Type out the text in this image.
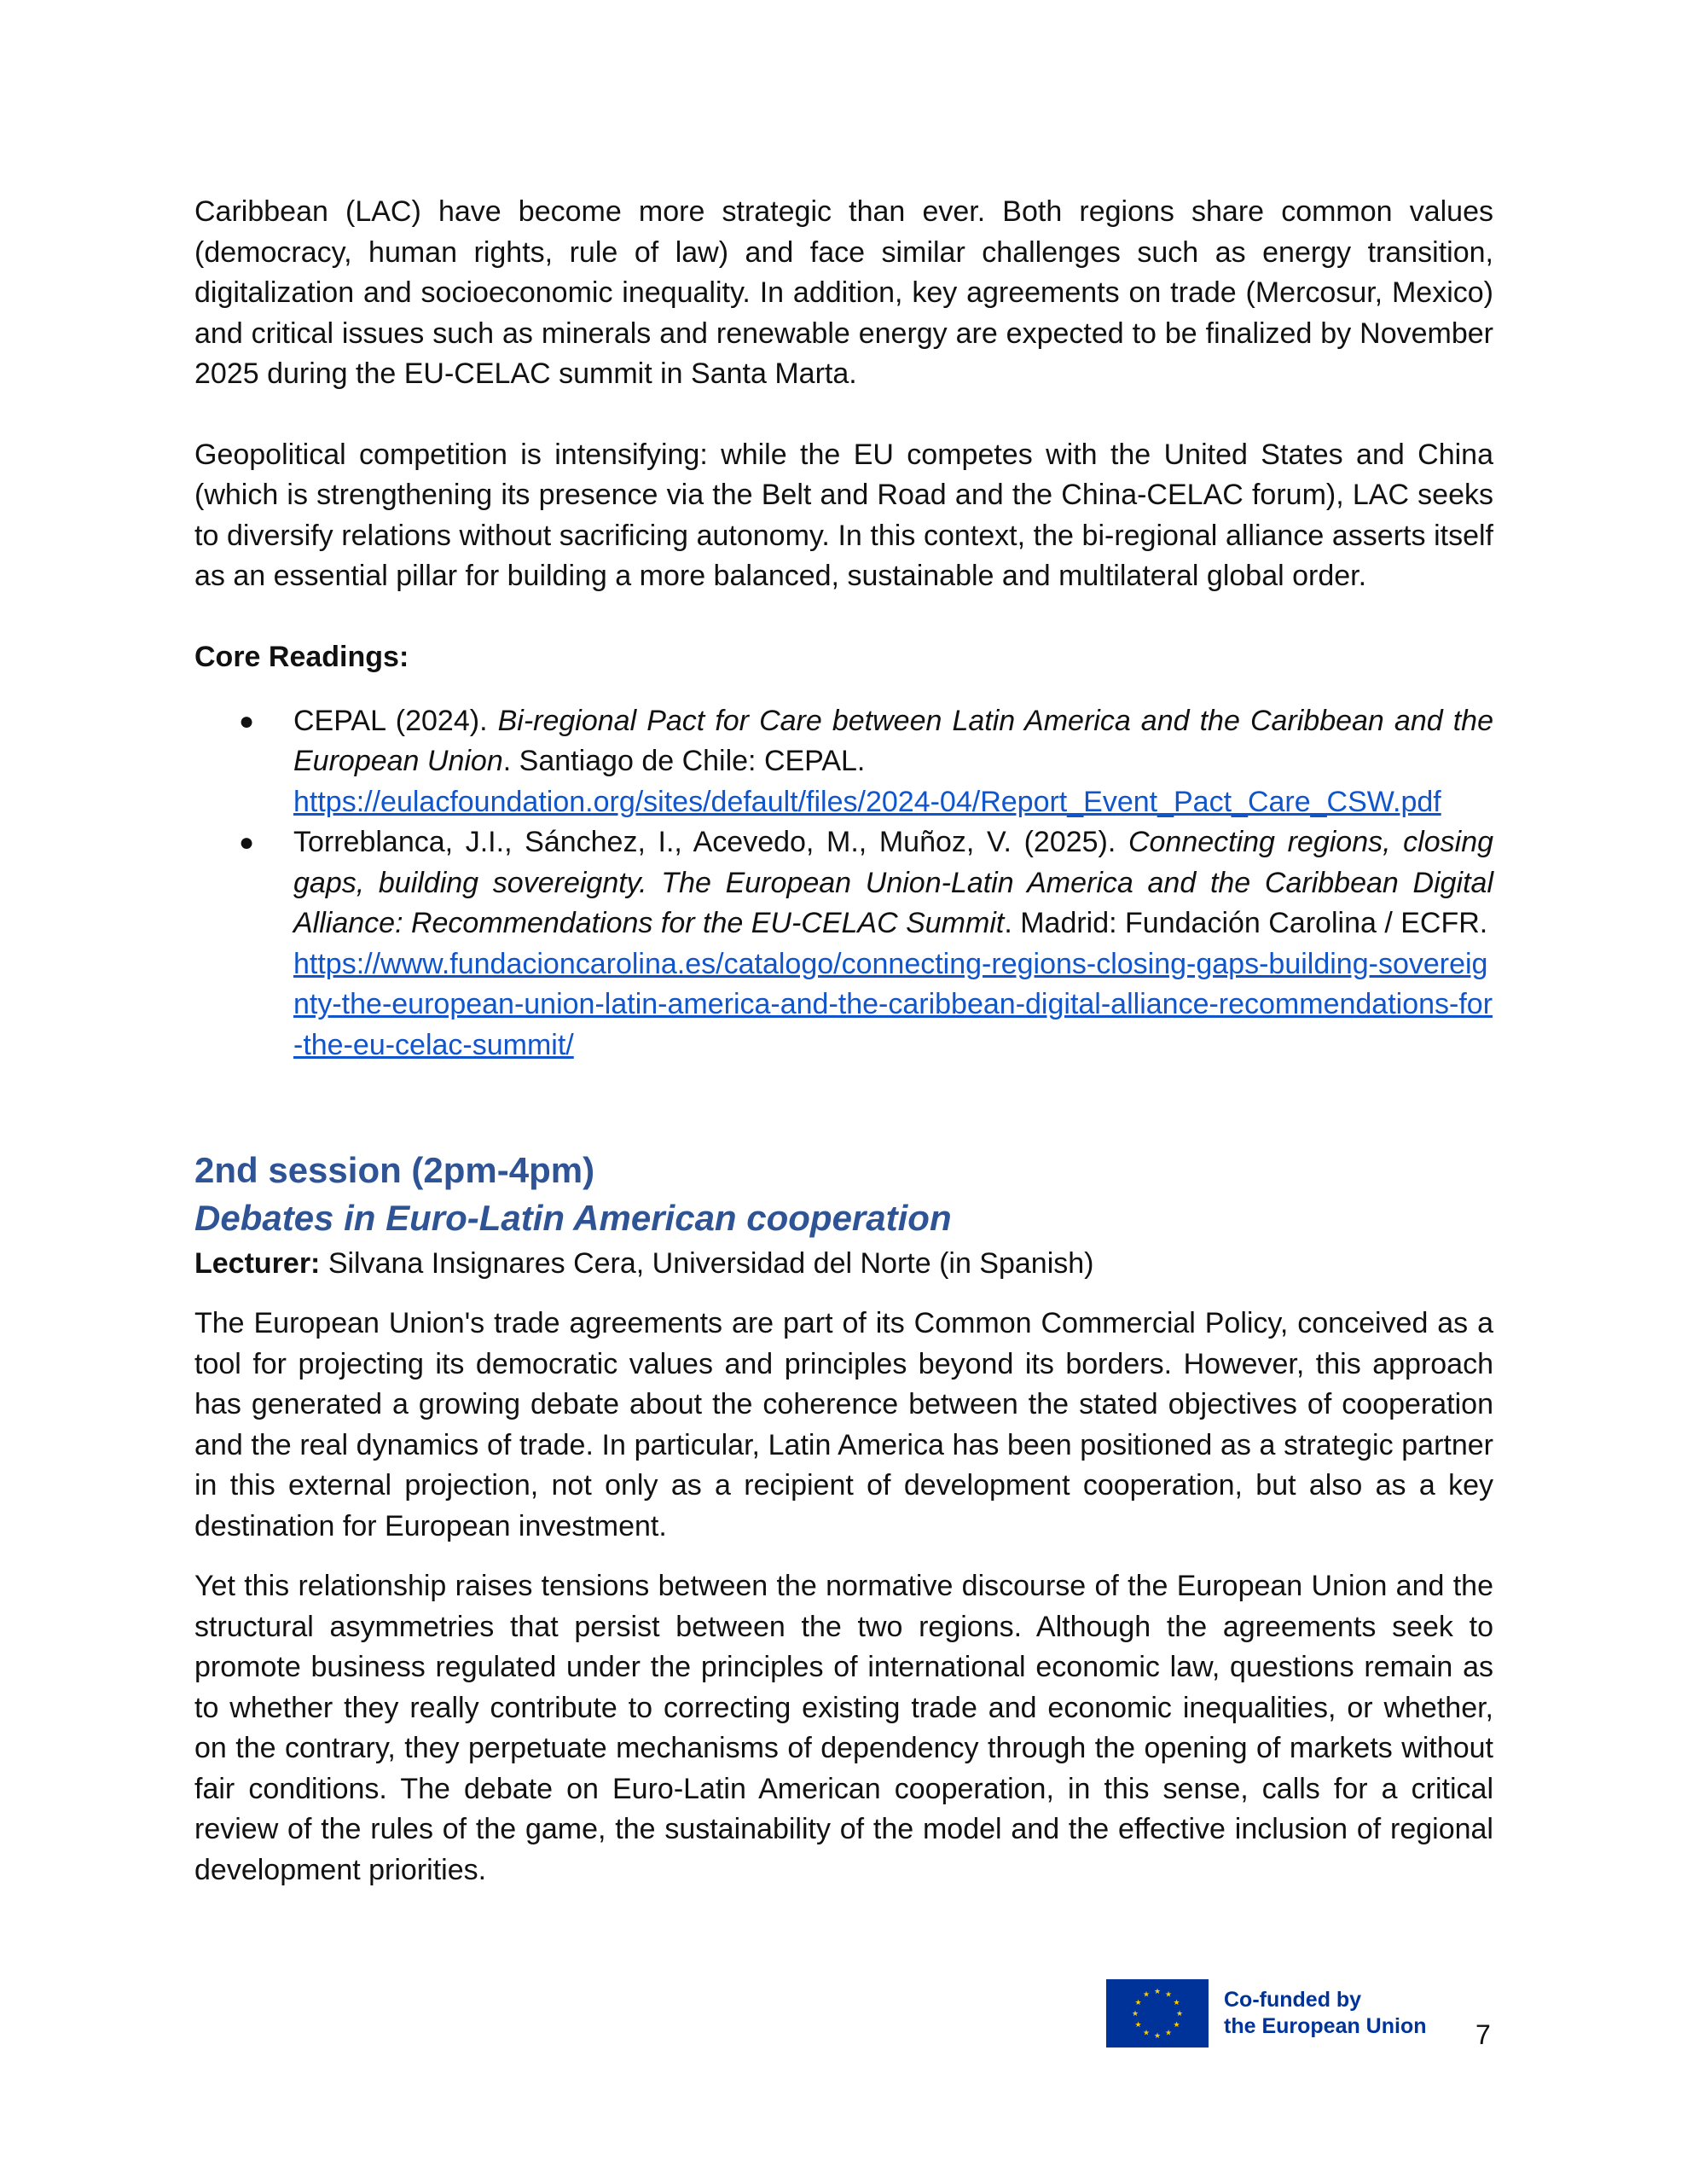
Caribbean (LAC) have become more strategic than ever. Both regions share common values (democracy, human rights, rule of law) and face similar challenges such as energy transition, digitalization and socioeconomic inequality. In addition, key agreements on trade (Mercosur, Mexico) and critical issues such as minerals and renewable energy are expected to be finalized by November 2025 during the EU-CELAC summit in Santa Marta.

Geopolitical competition is intensifying: while the EU competes with the United States and China (which is strengthening its presence via the Belt and Road and the China-CELAC forum), LAC seeks to diversify relations without sacrificing autonomy. In this context, the bi-regional alliance asserts itself as an essential pillar for building a more balanced, sustainable and multilateral global order.

Core Readings:
● CEPAL (2024). Bi-regional Pact for Care between Latin America and the Caribbean and the European Union. Santiago de Chile: CEPAL.
https://eulacfoundation.org/sites/default/files/2024-04/Report_Event_Pact_Care_CSW.pdf
● Torreblanca, J.I., Sánchez, I., Acevedo, M., Muñoz, V. (2025). Connecting regions, closing gaps, building sovereignty. The European Union-Latin America and the Caribbean Digital Alliance: Recommendations for the EU-CELAC Summit. Madrid: Fundación Carolina / ECFR.
https://www.fundacioncarolina.es/catalogo/connecting-regions-closing-gaps-building-sovereignty-the-european-union-latin-america-and-the-caribbean-digital-alliance-recommendations-for-the-eu-celac-summit/
2nd session (2pm-4pm)
Debates in Euro-Latin American cooperation
Lecturer: Silvana Insignares Cera, Universidad del Norte (in Spanish)

The European Union's trade agreements are part of its Common Commercial Policy, conceived as a tool for projecting its democratic values and principles beyond its borders. However, this approach has generated a growing debate about the coherence between the stated objectives of cooperation and the real dynamics of trade. In particular, Latin America has been positioned as a strategic partner in this external projection, not only as a recipient of development cooperation, but also as a key destination for European investment.

Yet this relationship raises tensions between the normative discourse of the European Union and the structural asymmetries that persist between the two regions. Although the agreements seek to promote business regulated under the principles of international economic law, questions remain as to whether they really contribute to correcting existing trade and economic inequalities, or whether, on the contrary, they perpetuate mechanisms of dependency through the opening of markets without fair conditions. The debate on Euro-Latin American cooperation, in this sense, calls for a critical review of the rules of the game, the sustainability of the model and the effective inclusion of regional development priorities.

★ ★
★
★
★
★
★
★
★
★
★
★	Co-funded by
the European Union 7
